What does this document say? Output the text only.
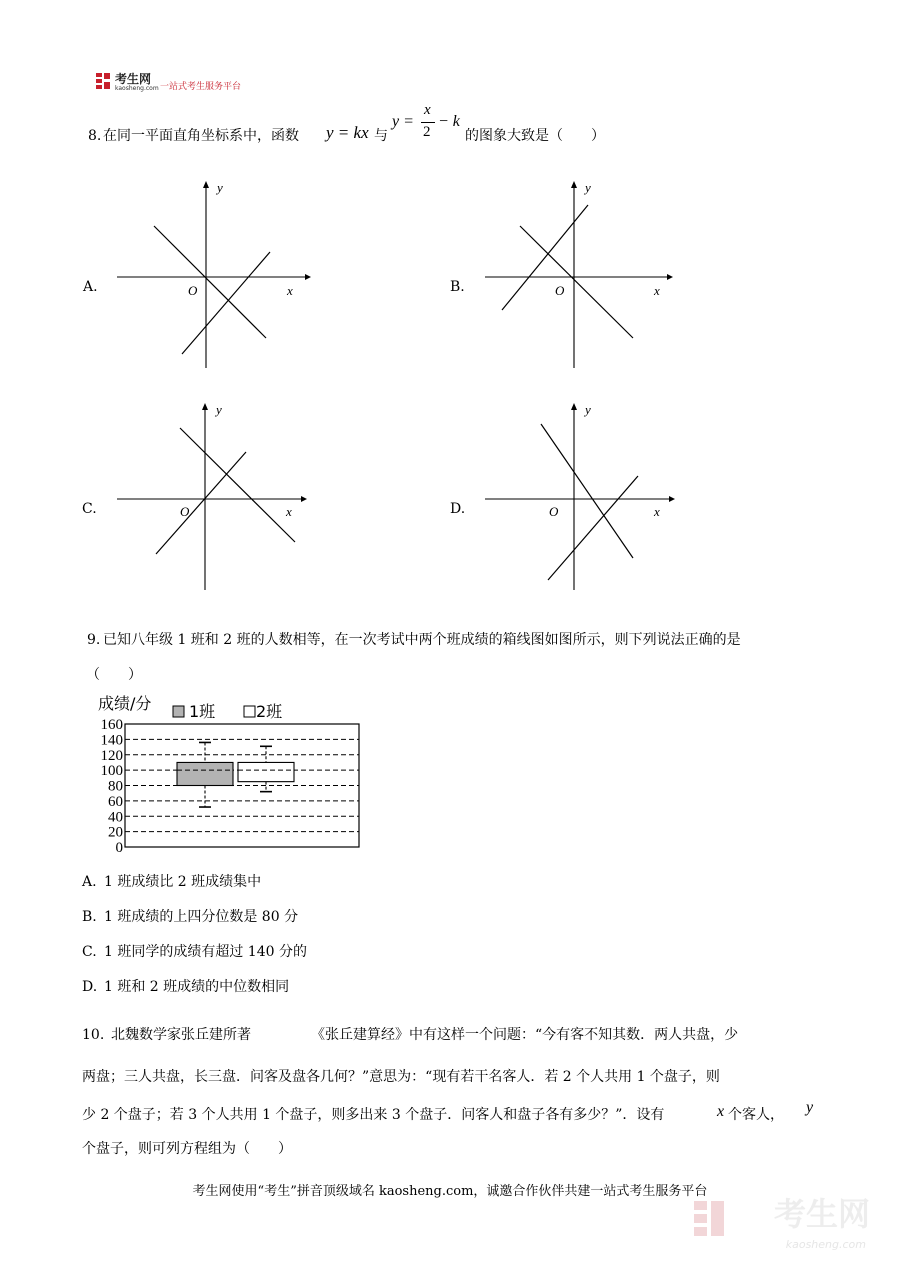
考生网
kaosheng.com 一站式考生服务平台
8. 在同一平面直角坐标系中，函数 y = kx 与
y =
x
2
− k
的图象大致是（　　）
A.	B.
C.	D.
y
x
O
y
x
O
y
x
O
y
x
O
9. 已知八年级 1 班和 2 班的人数相等，在一次考试中两个班成绩的箱线图如图所示，则下列说法正确的是
（　　）
成绩/分 1班	2班
160
140
120
100
80
60
40
20
0
A. 1 班成绩比 2 班成绩集中
B. 1 班成绩的上四分位数是 80 分
C. 1 班同学的成绩有超过 140 分的
D. 1 班和 2 班成绩的中位数相同
10. 北魏数学家张丘建所著	《张丘建算经》中有这样一个问题：“今有客不知其数．两人共盘，少
两盘；三人共盘，长三盘．问客及盘各几何？”意思为：“现有若干名客人．若 2 个人共用 1 个盘子，则
少 2 个盘子；若 3 个人共用 1 个盘子，则多出来 3 个盘子．问客人和盘子各有多少？”．设有	x 个客人， y
个盘子，则可列方程组为（　　）
考生网使用“考生”拼音顶级域名 kaosheng.com，诚邀合作伙伴共建一站式考生服务平台
考生网
kaosheng.com
